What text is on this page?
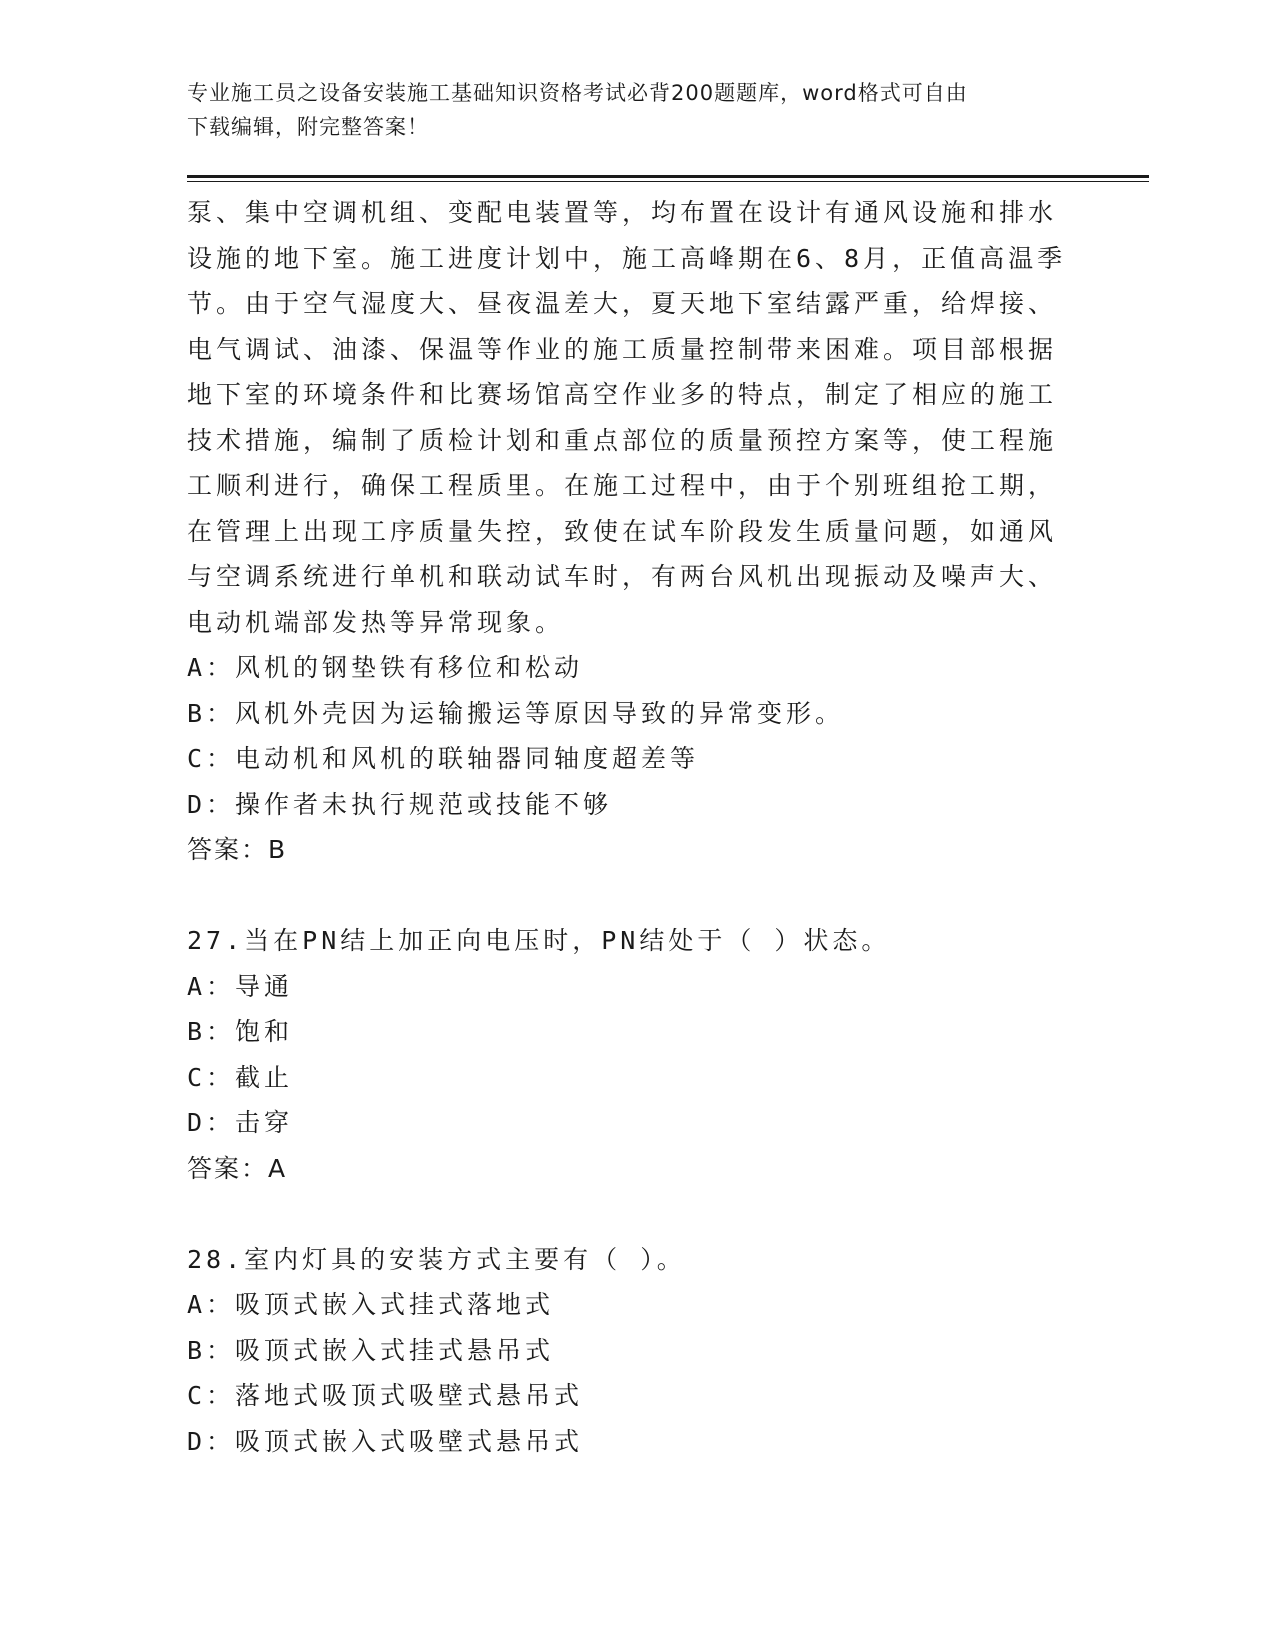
专业施工员之设备安装施工基础知识资格考试必背200题题库，word格式可自由
下载编辑，附完整答案！
泵、集中空调机组、变配电装置等，均布置在设计有通风设施和排水
设施的地下室。施工进度计划中，施工高峰期在6、8月，正值高温季
节。由于空气湿度大、昼夜温差大，夏天地下室结露严重，给焊接、
电气调试、油漆、保温等作业的施工质量控制带来困难。项目部根据
地下室的环境条件和比赛场馆高空作业多的特点，制定了相应的施工
技术措施，编制了质检计划和重点部位的质量预控方案等，使工程施
工顺利进行，确保工程质里。在施工过程中，由于个别班组抢工期，
在管理上出现工序质量失控，致使在试车阶段发生质量问题，如通风
与空调系统进行单机和联动试车时，有两台风机出现振动及噪声大、
电动机端部发热等异常现象。
A：风机的钢垫铁有移位和松动
B：风机外壳因为运输搬运等原因导致的异常变形。
C：电动机和风机的联轴器同轴度超差等
D：操作者未执行规范或技能不够
答案：B
27.当在PN结上加正向电压时，PN结处于（ ）状态。
A：导通
B：饱和
C：截止
D：击穿
答案：A
28.室内灯具的安装方式主要有（ ）。
A：吸顶式嵌入式挂式落地式
B：吸顶式嵌入式挂式悬吊式
C：落地式吸顶式吸壁式悬吊式
D：吸顶式嵌入式吸壁式悬吊式
